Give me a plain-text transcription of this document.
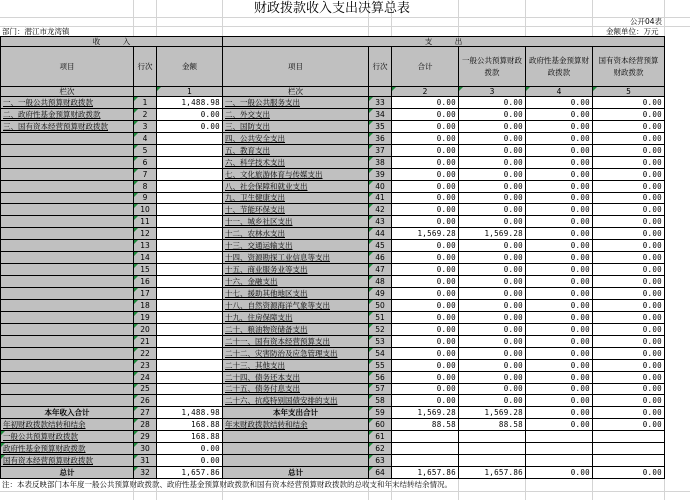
财政拨款收入支出决算总表
公开04表
部门：潜江市龙湾镇	金额单位：万元
收　　　入			支　　　出					
项目	行次	金额	项目	行次	合计	一般公共预算财政拨款	政府性基金预算财政拨款	国有资本经营预算财政拨款
栏次		1	栏次		2	3	4	5
一、一般公共预算财政拨款	1	1,488.98	一、一般公共服务支出	33	0.00	0.00	0.00	0.00
二、政府性基金预算财政拨款	2	0.00	二、外交支出	34	0.00	0.00	0.00	0.00
三、国有资本经营预算财政拨款	3	0.00	三、国防支出	35	0.00	0.00	0.00	0.00
	4		四、公共安全支出	36	0.00	0.00	0.00	0.00
	5		五、教育支出	37	0.00	0.00	0.00	0.00
	6		六、科学技术支出	38	0.00	0.00	0.00	0.00
	7		七、文化旅游体育与传媒支出	39	0.00	0.00	0.00	0.00
	8		八、社会保障和就业支出	40	0.00	0.00	0.00	0.00
	9		九、卫生健康支出	41	0.00	0.00	0.00	0.00
	10		十、节能环保支出	42	0.00	0.00	0.00	0.00
	11		十一、城乡社区支出	43	0.00	0.00	0.00	0.00
	12		十二、农林水支出	44	1,569.28	1,569.28	0.00	0.00
	13		十三、交通运输支出	45	0.00	0.00	0.00	0.00
	14		十四、资源勘探工业信息等支出	46	0.00	0.00	0.00	0.00
	15		十五、商业服务业等支出	47	0.00	0.00	0.00	0.00
	16		十六、金融支出	48	0.00	0.00	0.00	0.00
	17		十七、援助其他地区支出	49	0.00	0.00	0.00	0.00
	18		十八、自然资源海洋气象等支出	50	0.00	0.00	0.00	0.00
	19		十九、住房保障支出	51	0.00	0.00	0.00	0.00
	20		二十、粮油物资储备支出	52	0.00	0.00	0.00	0.00
	21		二十一、国有资本经营预算支出	53	0.00	0.00	0.00	0.00
	22		二十二、灾害防治及应急管理支出	54	0.00	0.00	0.00	0.00
	23		二十三、其他支出	55	0.00	0.00	0.00	0.00
	24		二十四、债务还本支出	56	0.00	0.00	0.00	0.00
	25		二十五、债务付息支出	57	0.00	0.00	0.00	0.00
	26		二十六、抗疫特别国债安排的支出	58	0.00	0.00	0.00	0.00
本年收入合计	27	1,488.98	本年支出合计	59	1,569.28	1,569.28	0.00	0.00
年初财政拨款结转和结余	28	168.88	年末财政拨款结转和结余	60	88.58	88.58	0.00	0.00
一般公共预算财政拨款	29	168.88		61				
政府性基金预算财政拨款	30	0.00		62				
国有资本经营预算财政拨款	31	0.00		63				
总计	32	1,657.86	总计	64	1,657.86	1,657.86	0.00	0.00
注：本表反映部门本年度一般公共预算财政拨款、政府性基金预算财政拨款和国有资本经营预算财政拨款的总收支和年末结转结余情况。
